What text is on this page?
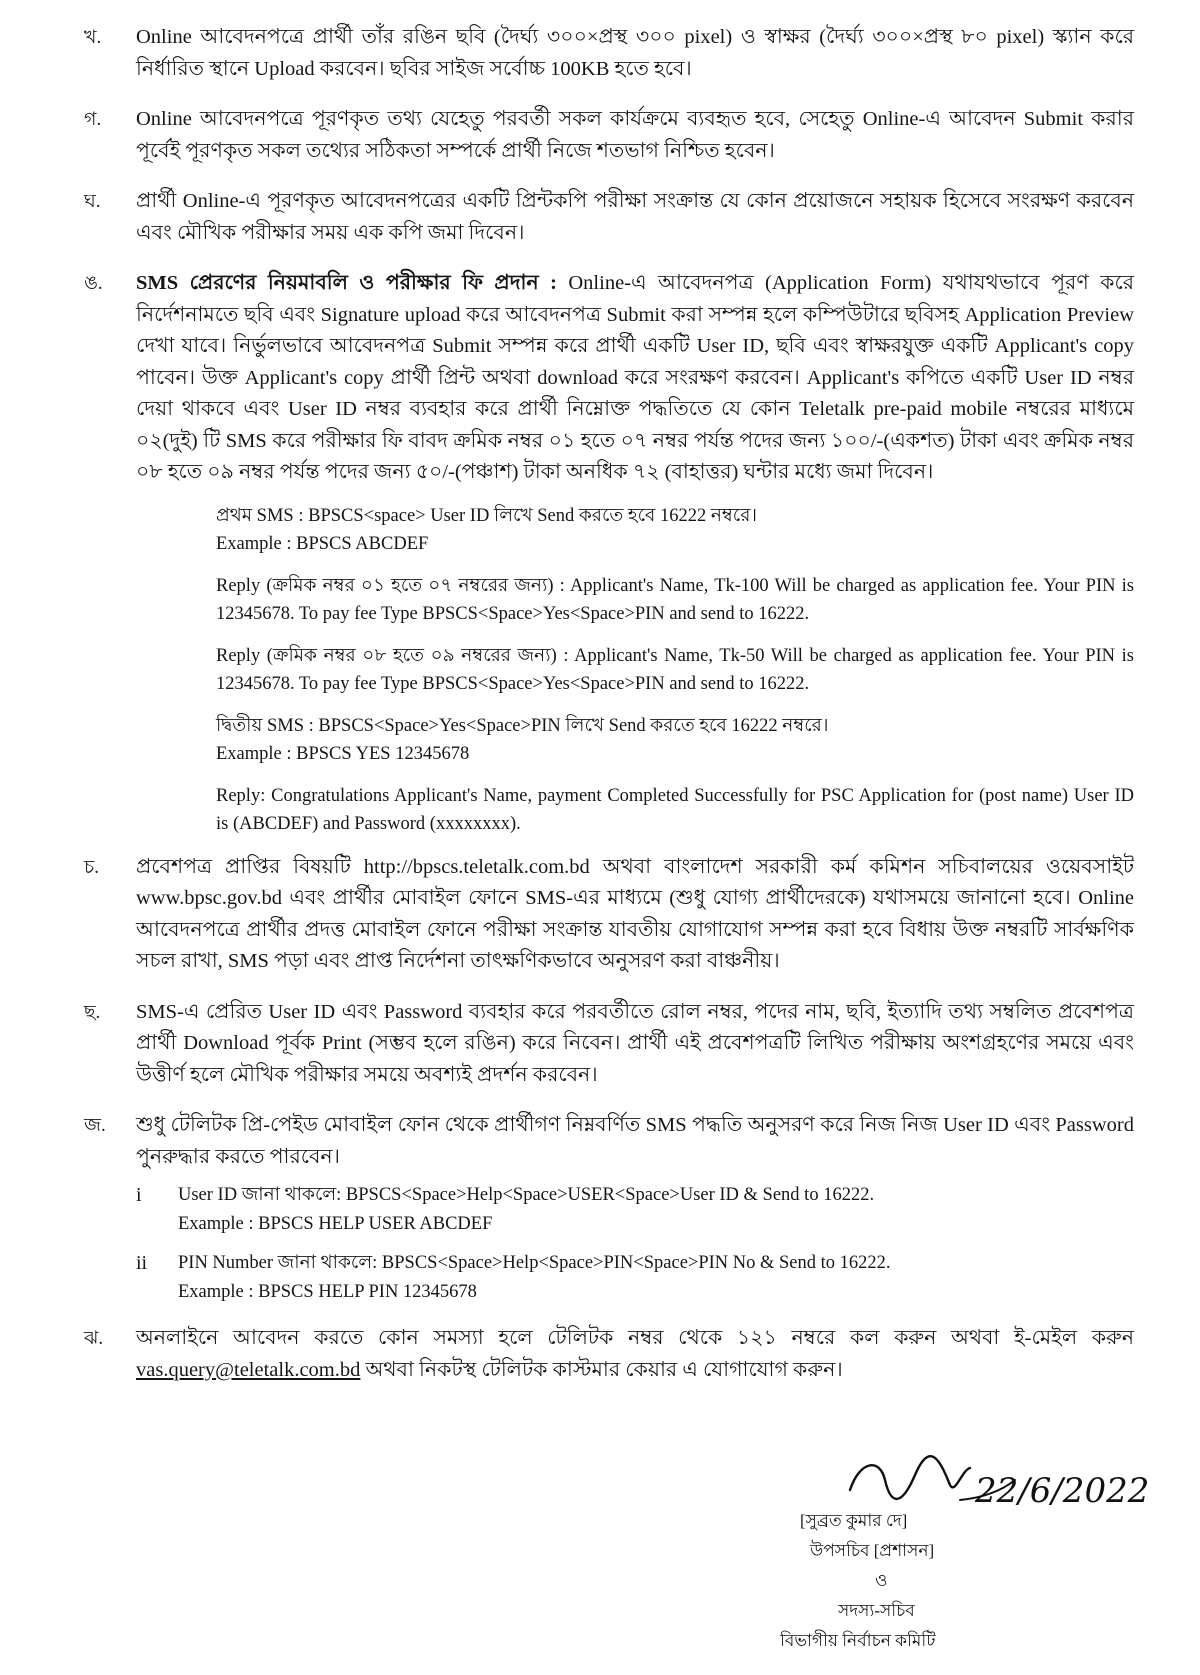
খ.	Online আবেদনপত্রে প্রার্থী তাঁর রঙিন ছবি (দৈর্ঘ্য ৩০০×প্রস্থ ৩০০ pixel) ও স্বাক্ষর (দৈর্ঘ্য ৩০০×প্রস্থ ৮০ pixel) স্ক্যান করে নির্ধারিত স্থানে Upload করবেন। ছবির সাইজ সর্বোচ্চ 100KB হতে হবে।
গ.	Online আবেদনপত্রে পূরণকৃত তথ্য যেহেতু পরবর্তী সকল কার্যক্রমে ব্যবহৃত হবে, সেহেতু Online-এ আবেদন Submit করার পূর্বেই পূরণকৃত সকল তথ্যের সঠিকতা সম্পর্কে প্রার্থী নিজে শতভাগ নিশ্চিত হবেন।
ঘ.	প্রার্থী Online-এ পূরণকৃত আবেদনপত্রের একটি প্রিন্টকপি পরীক্ষা সংক্রান্ত যে কোন প্রয়োজনে সহায়ক হিসেবে সংরক্ষণ করবেন এবং মৌখিক পরীক্ষার সময় এক কপি জমা দিবেন।
ঙ.	SMS প্রেরণের নিয়মাবলি ও পরীক্ষার ফি প্রদান : Online-এ আবেদনপত্র (Application Form) যথাযথভাবে পূরণ করে নির্দেশনামতে ছবি এবং Signature upload করে আবেদনপত্র Submit করা সম্পন্ন হলে কম্পিউটারে ছবিসহ Application Preview দেখা যাবে। নির্ভুলভাবে আবেদনপত্র Submit সম্পন্ন করে প্রার্থী একটি User ID, ছবি এবং স্বাক্ষরযুক্ত একটি Applicant's copy পাবেন। উক্ত Applicant's copy প্রার্থী প্রিন্ট অথবা download করে সংরক্ষণ করবেন। Applicant's কপিতে একটি User ID নম্বর দেয়া থাকবে এবং User ID নম্বর ব্যবহার করে প্রার্থী নিম্নোক্ত পদ্ধতিতে যে কোন Teletalk pre-paid mobile নম্বরের মাধ্যমে ০২(দুই) টি SMS করে পরীক্ষার ফি বাবদ ক্রমিক নম্বর ০১ হতে ০৭ নম্বর পর্যন্ত পদের জন্য ১০০/-(একশত) টাকা এবং ক্রমিক নম্বর ০৮ হতে ০৯ নম্বর পর্যন্ত পদের জন্য ৫০/-(পঞ্চাশ) টাকা অনধিক ৭২ (বাহাত্তর) ঘন্টার মধ্যে জমা দিবেন।

প্রথম SMS : BPSCS<space> User ID লিখে Send করতে হবে 16222 নম্বরে।
Example : BPSCS ABCDEF

Reply (ক্রমিক নম্বর ০১ হতে ০৭ নম্বরের জন্য) : Applicant's Name, Tk-100 Will be charged as application fee. Your PIN is 12345678. To pay fee Type BPSCS<Space>Yes<Space>PIN and send to 16222.

Reply (ক্রমিক নম্বর ০৮ হতে ০৯ নম্বরের জন্য) : Applicant's Name, Tk-50 Will be charged as application fee. Your PIN is 12345678. To pay fee Type BPSCS<Space>Yes<Space>PIN and send to 16222.

দ্বিতীয় SMS : BPSCS<Space>Yes<Space>PIN লিখে Send করতে হবে 16222 নম্বরে।
Example : BPSCS YES 12345678

Reply: Congratulations Applicant's Name, payment Completed Successfully for PSC Application for (post name) User ID is (ABCDEF) and Password (xxxxxxxx).

চ.	প্রবেশপত্র প্রাপ্তির বিষয়টি http://bpscs.teletalk.com.bd অথবা বাংলাদেশ সরকারী কর্ম কমিশন সচিবালয়ের ওয়েবসাইট www.bpsc.gov.bd এবং প্রার্থীর মোবাইল ফোনে SMS-এর মাধ্যমে (শুধু যোগ্য প্রার্থীদেরকে) যথাসময়ে জানানো হবে। Online আবেদনপত্রে প্রার্থীর প্রদত্ত মোবাইল ফোনে পরীক্ষা সংক্রান্ত যাবতীয় যোগাযোগ সম্পন্ন করা হবে বিধায় উক্ত নম্বরটি সার্বক্ষণিক সচল রাখা, SMS পড়া এবং প্রাপ্ত নির্দেশনা তাৎক্ষণিকভাবে অনুসরণ করা বাঞ্চনীয়।
ছ.	SMS-এ প্রেরিত User ID এবং Password ব্যবহার করে পরবর্তীতে রোল নম্বর, পদের নাম, ছবি, ইত্যাদি তথ্য সম্বলিত প্রবেশপত্র প্রার্থী Download পূর্বক Print (সম্ভব হলে রঙিন) করে নিবেন। প্রার্থী এই প্রবেশপত্রটি লিখিত পরীক্ষায় অংশগ্রহণের সময়ে এবং উত্তীর্ণ হলে মৌখিক পরীক্ষার সময়ে অবশ্যই প্রদর্শন করবেন।
জ.	শুধু টেলিটক প্রি-পেইড মোবাইল ফোন থেকে প্রার্থীগণ নিম্নবর্ণিত SMS পদ্ধতি অনুসরণ করে নিজ নিজ User ID এবং Password পুনরুদ্ধার করতে পারবেন।
i	User ID জানা থাকলে: BPSCS<Space>Help<Space>USER<Space>User ID & Send to 16222.
Example : BPSCS HELP USER ABCDEF
ii	PIN Number জানা থাকলে: BPSCS<Space>Help<Space>PIN<Space>PIN No & Send to 16222.
Example : BPSCS HELP PIN 12345678
ঝ.	অনলাইনে আবেদন করতে কোন সমস্যা হলে টেলিটক নম্বর থেকে ১২১ নম্বরে কল করুন অথবা ই-মেইল করুন vas.query@teletalk.com.bd অথবা নিকটস্থ টেলিটক কাস্টমার কেয়ার এ যোগাযোগ করুন।
22/6/2022
[সুব্রত কুমার দে]
উপসচিব [প্রশাসন]
ও
সদস্য-সচিব
বিভাগীয় নির্বাচন কমিটি
